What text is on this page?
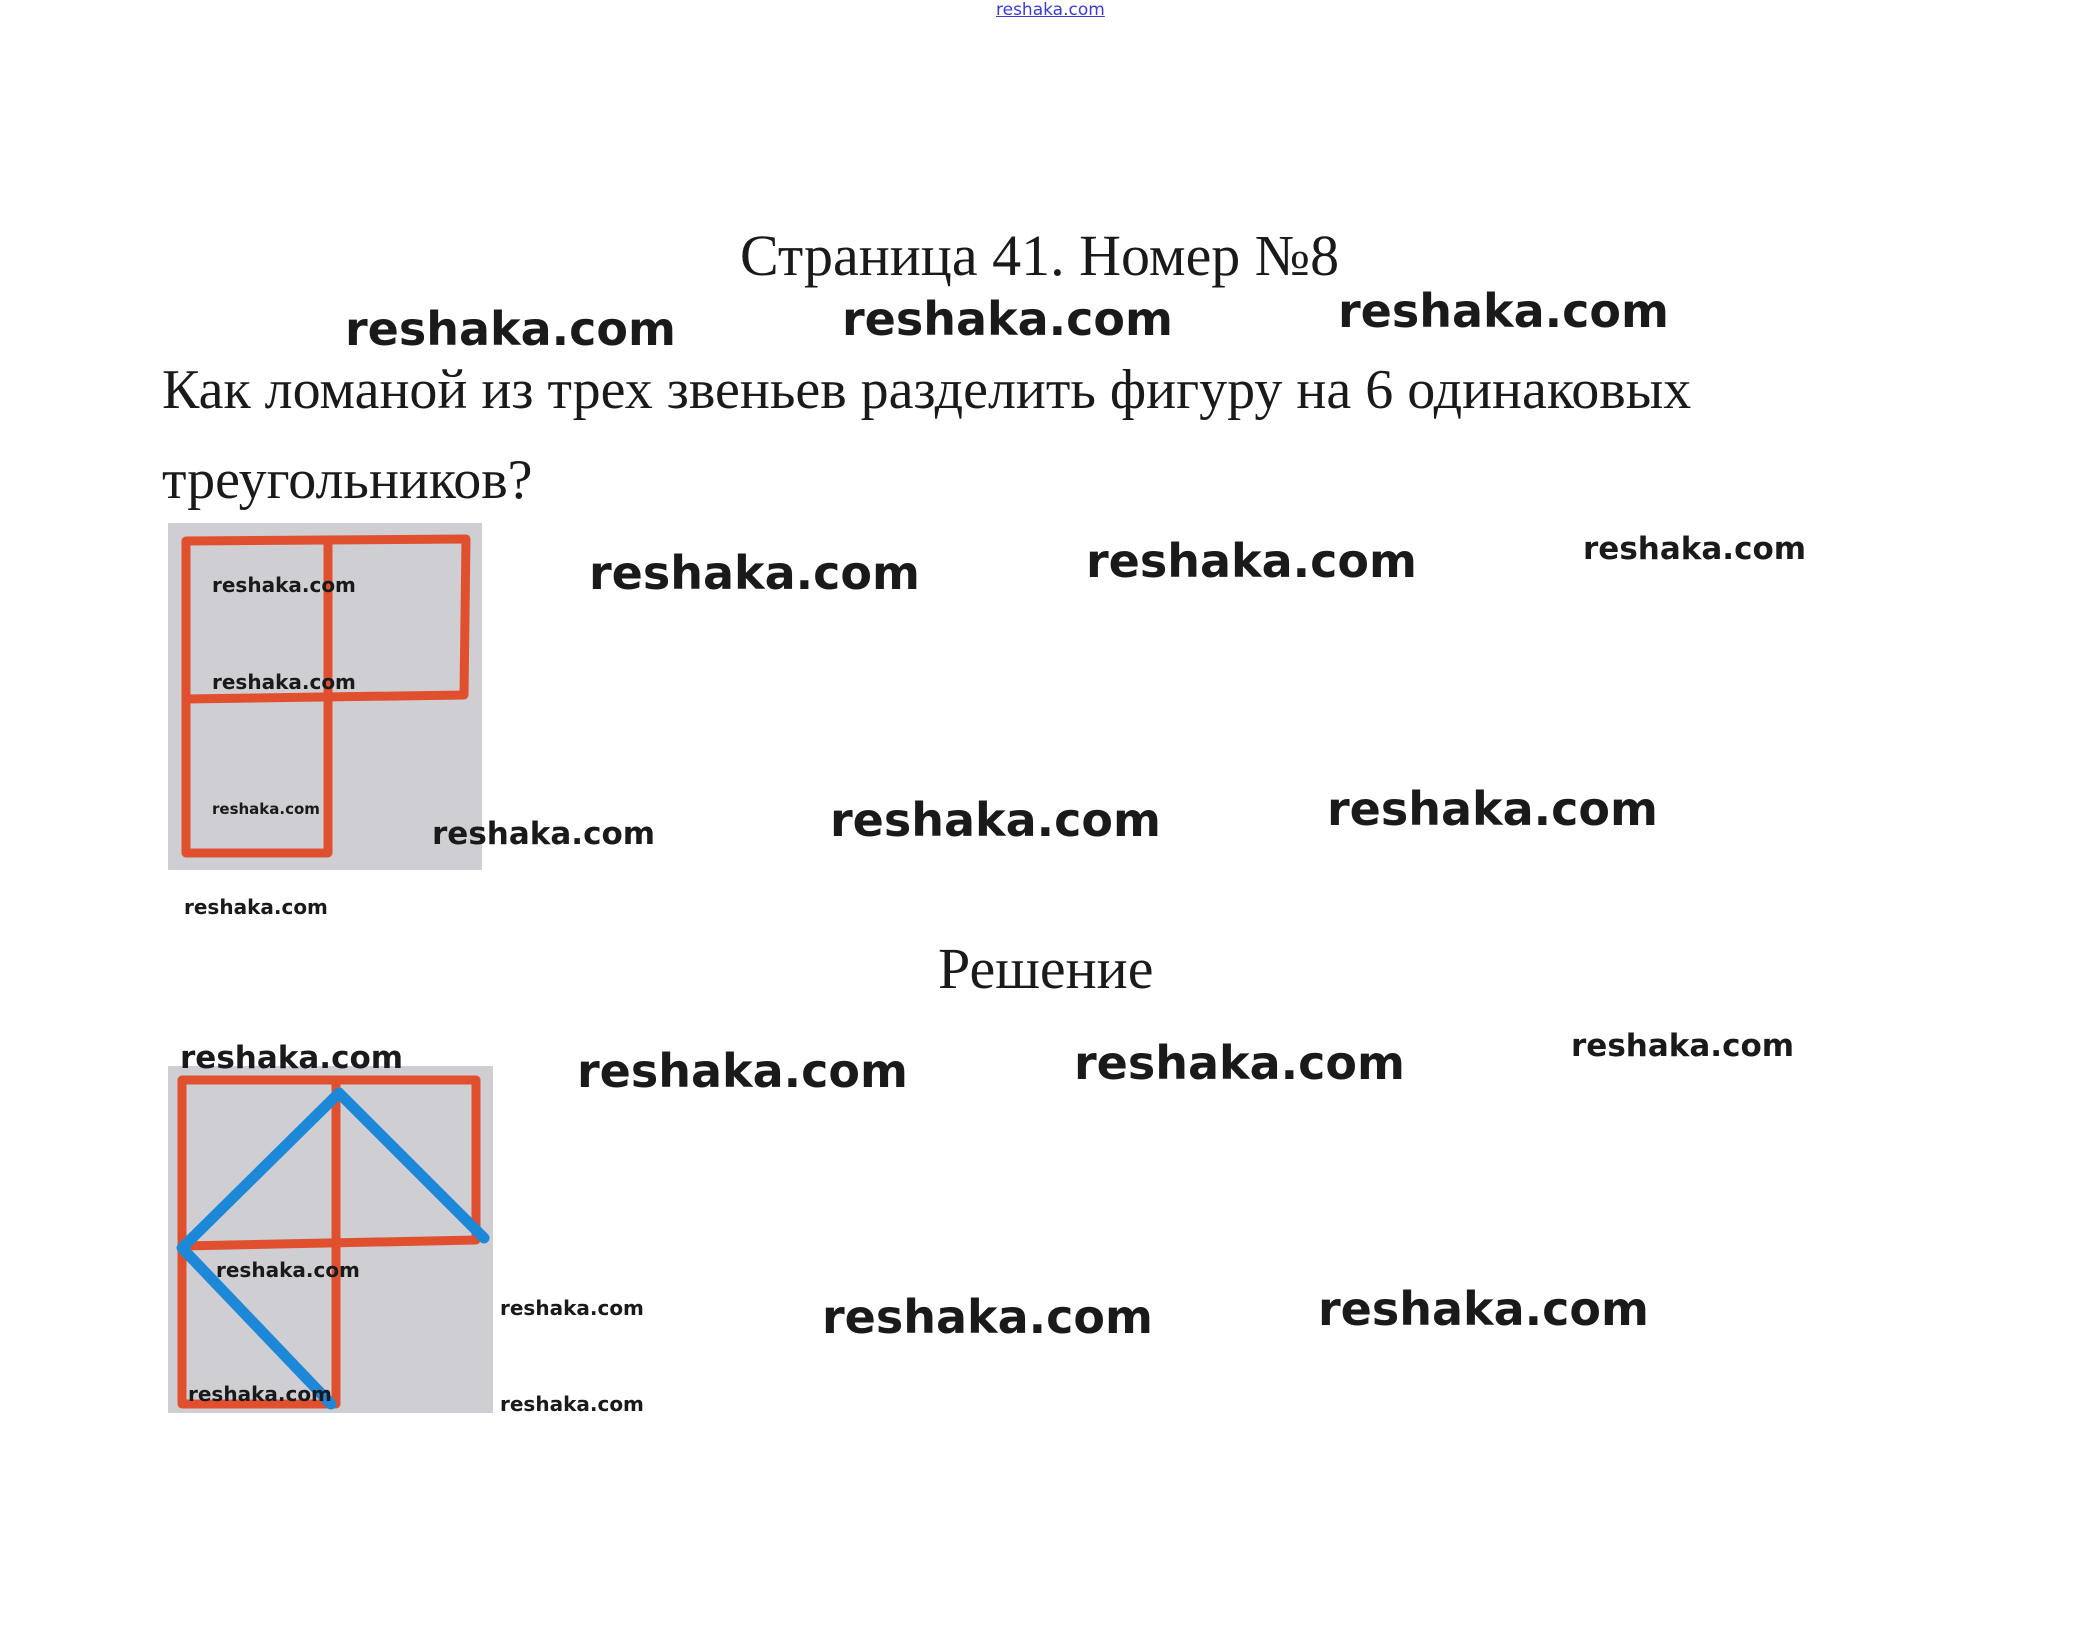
reshaka.com
Страница 41. Номер №8
Как ломаной из трех звеньев разделить фигуру на 6 одинаковых треугольников?
Решение
reshaka.com	reshaka.com	reshaka.com
reshaka.com	reshaka.com	reshaka.com
reshaka.com
reshaka.com
reshaka.com
reshaka.com	reshaka.com	reshaka.com
reshaka.com
reshaka.com	reshaka.com	reshaka.com	reshaka.com
reshaka.com
reshaka.com	reshaka.com	reshaka.com
reshaka.com	reshaka.com
